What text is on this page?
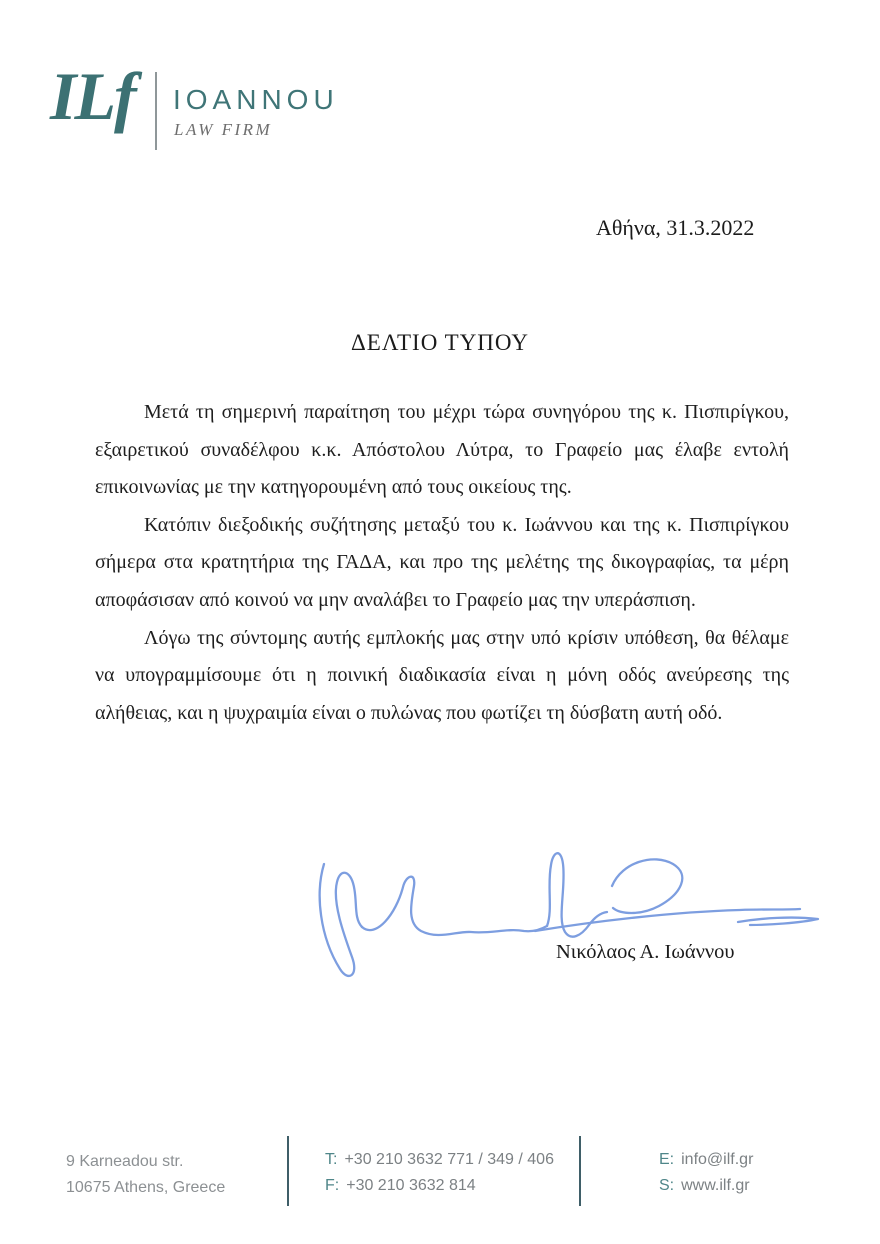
ILf IOANNOU
LAW FIRM
Αθήνα, 31.3.2022
ΔΕΛΤΙΟ ΤΥΠΟΥ

Μετά τη σημερινή παραίτηση του μέχρι τώρα συνηγόρου της κ. Πισπιρίγκου, εξαιρετικού συναδέλφου κ.κ. Απόστολου Λύτρα, το Γραφείο μας έλαβε εντολή επικοινωνίας με την κατηγορουμένη από τους οικείους της.

Κατόπιν διεξοδικής συζήτησης μεταξύ του κ. Ιωάννου και της κ. Πισπιρίγκου σήμερα στα κρατητήρια της ΓΑΔΑ, και προ της μελέτης της δικογραφίας, τα μέρη αποφάσισαν από κοινού να μην αναλάβει το Γραφείο μας την υπεράσπιση.

Λόγω της σύντομης αυτής εμπλοκής μας στην υπό κρίσιν υπόθεση, θα θέλαμε να υπογραμμίσουμε ότι η ποινική διαδικασία είναι η μόνη οδός ανεύρεσης της αλήθειας, και η ψυχραιμία είναι ο πυλώνας που φωτίζει τη δύσβατη αυτή οδό.

Νικόλαος Α. Ιωάννου
9 Karneadou str.
10675 Athens, Greece
T: +30 210 3632 771 / 349 / 406
F: +30 210 3632 814
E: info@ilf.gr
S: www.ilf.gr
